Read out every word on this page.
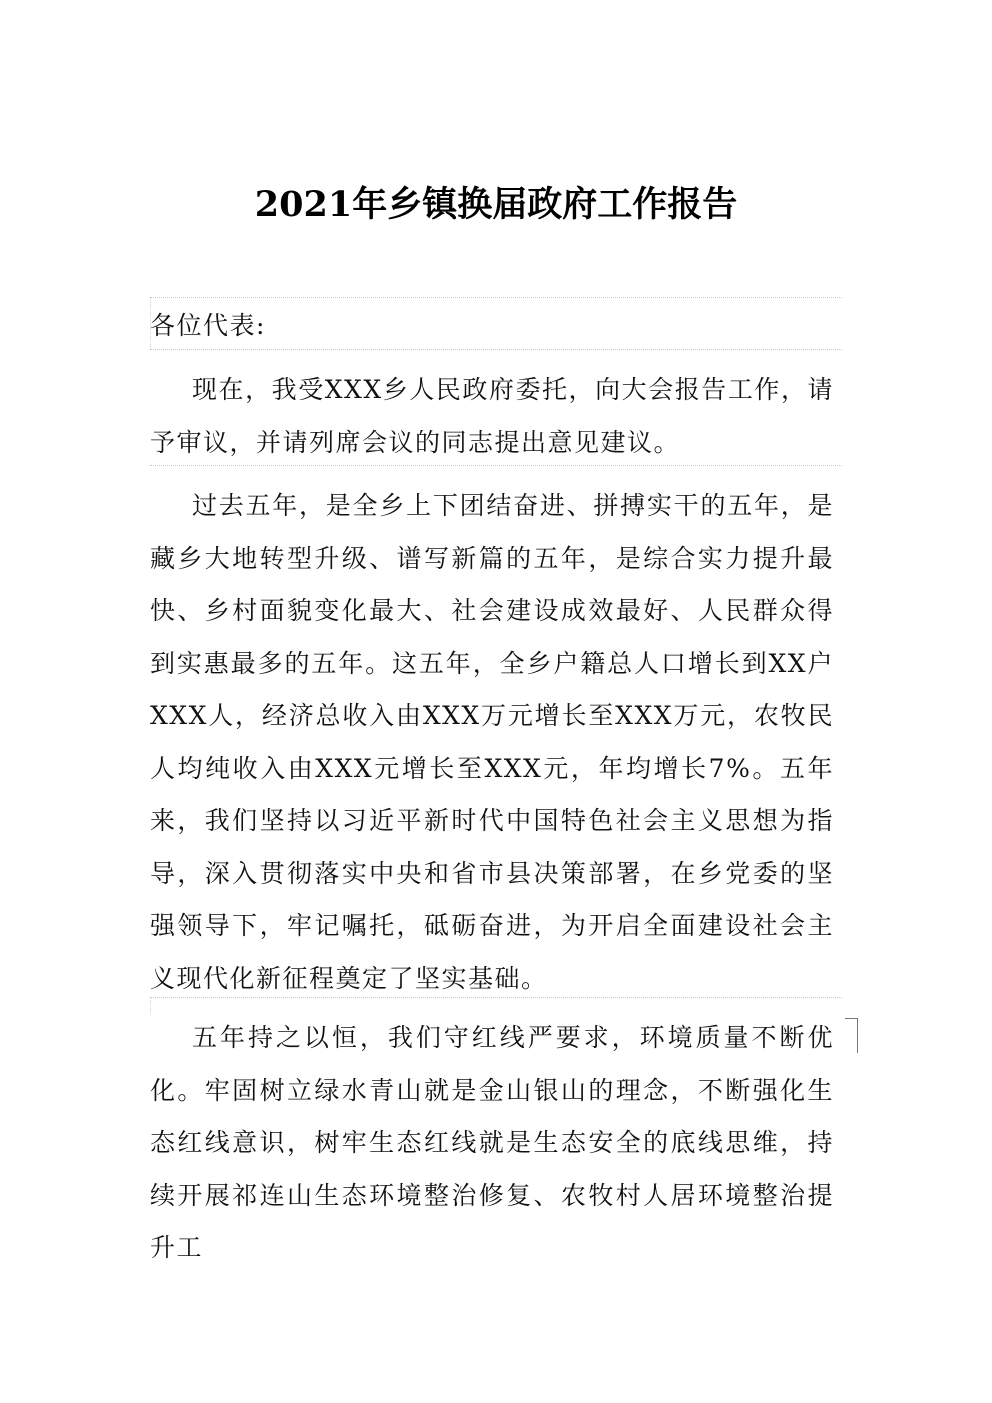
2021年乡镇换届政府工作报告

各位代表:

现在，我受XXX乡人民政府委托，向大会报告工作，请予审议，并请列席会议的同志提出意见建议。

过去五年，是全乡上下团结奋进、拼搏实干的五年，是藏乡大地转型升级、谱写新篇的五年，是综合实力提升最快、乡村面貌变化最大、社会建设成效最好、人民群众得到实惠最多的五年。这五年，全乡户籍总人口增长到XX户XXX人，经济总收入由XXX万元增长至XXX万元，农牧民人均纯收入由XXX元增长至XXX元，年均增长7%。五年来，我们坚持以习近平新时代中国特色社会主义思想为指导，深入贯彻落实中央和省市县决策部署，在乡党委的坚强领导下，牢记嘱托，砥砺奋进，为开启全面建设社会主义现代化新征程奠定了坚实基础。

五年持之以恒，我们守红线严要求，环境质量不断优化。牢固树立绿水青山就是金山银山的理念，不断强化生态红线意识，树牢生态红线就是生态安全的底线思维，持续开展祁连山生态环境整治修复、农牧村人居环境整治提升工
